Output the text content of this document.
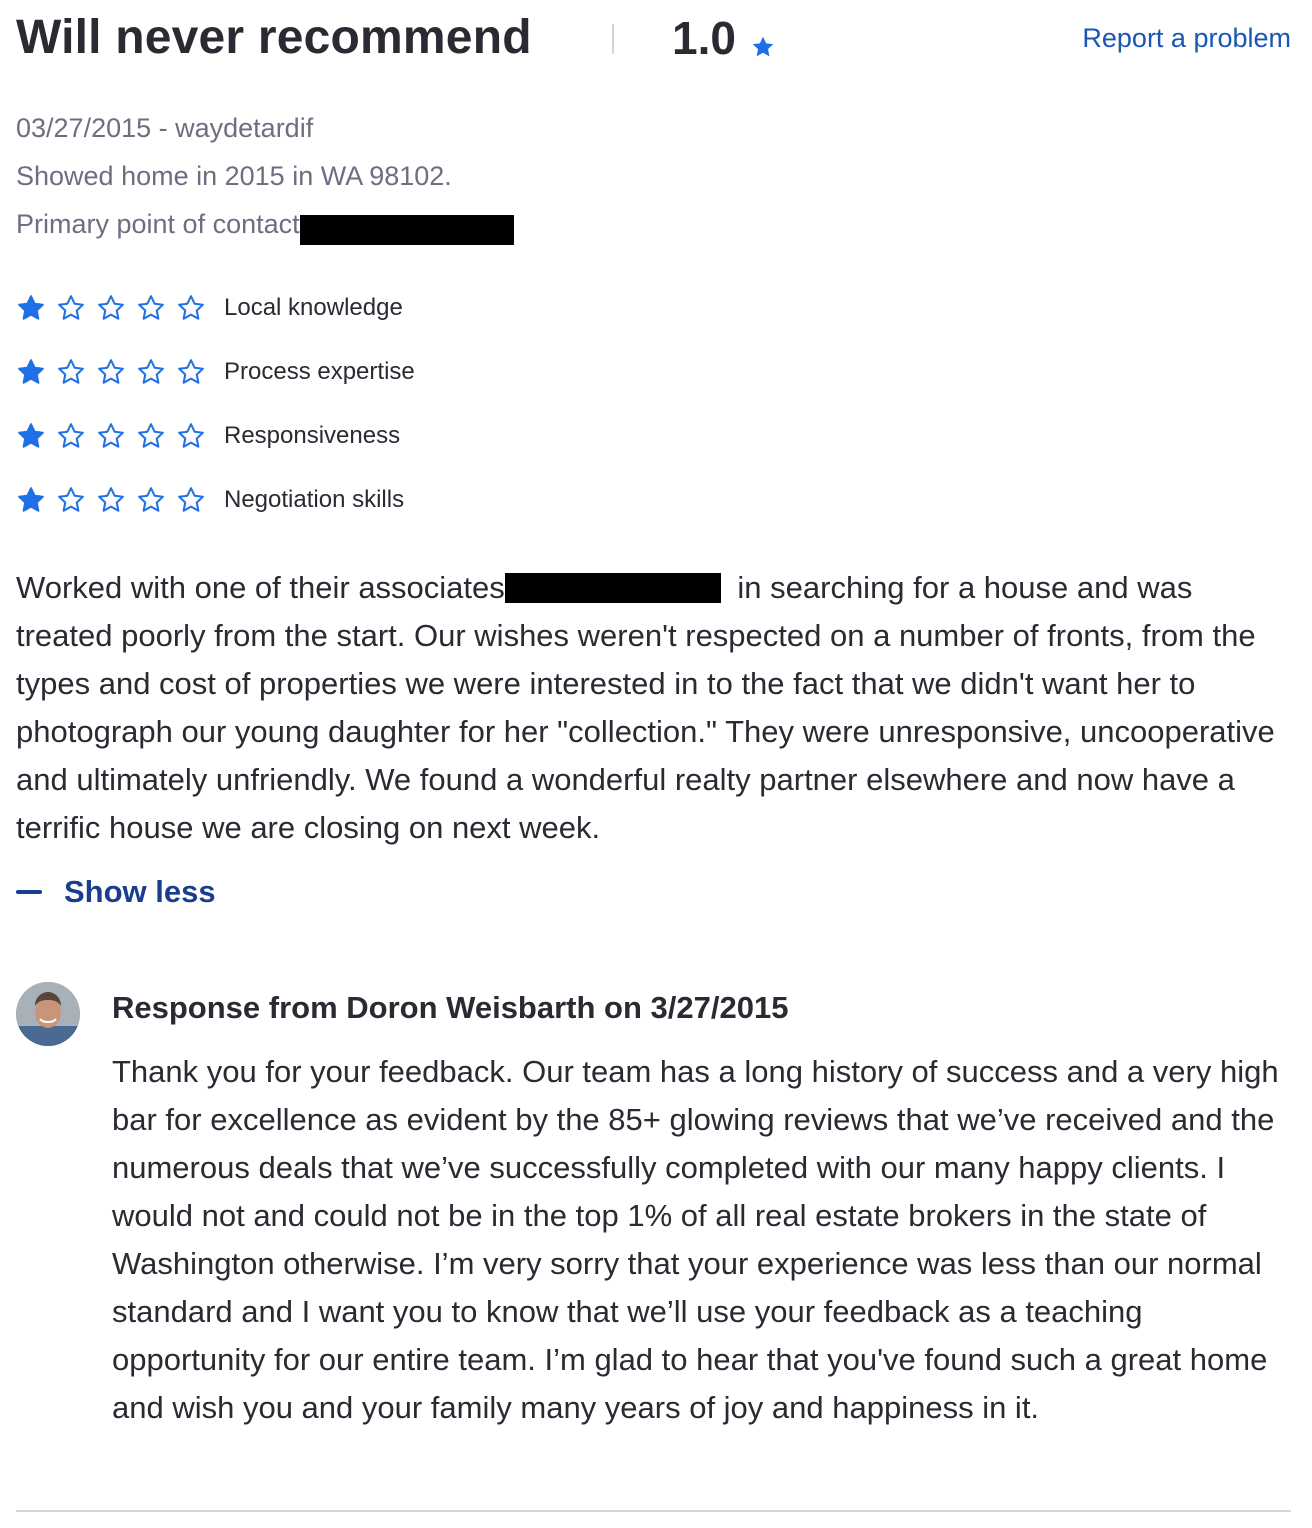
Will never recommend	1.0	Report a problem
03/27/2015 - waydetardif
Showed home in 2015 in WA 98102.
Primary point of contact
Local knowledge
Process expertise
Responsiveness
Negotiation skills
Worked with one of their associates	in searching for a house and was treated poorly from the start. Our wishes weren't respected on a number of fronts, from the types and cost of properties we were interested in to the fact that we didn't want her to photograph our young daughter for her "collection." They were unresponsive, uncooperative and ultimately unfriendly. We found a wonderful realty partner elsewhere and now have a terrific house we are closing on next week.
Show less
Response from Doron Weisbarth on 3/27/2015
Thank you for your feedback. Our team has a long history of success and a very high bar for excellence as evident by the 85+ glowing reviews that we’ve received and the numerous deals that we’ve successfully completed with our many happy clients. I would not and could not be in the top 1% of all real estate brokers in the state of Washington otherwise. I’m very sorry that your experience was less than our normal standard and I want you to know that we’ll use your feedback as a teaching opportunity for our entire team. I’m glad to hear that you've found such a great home and wish you and your family many years of joy and happiness in it.
